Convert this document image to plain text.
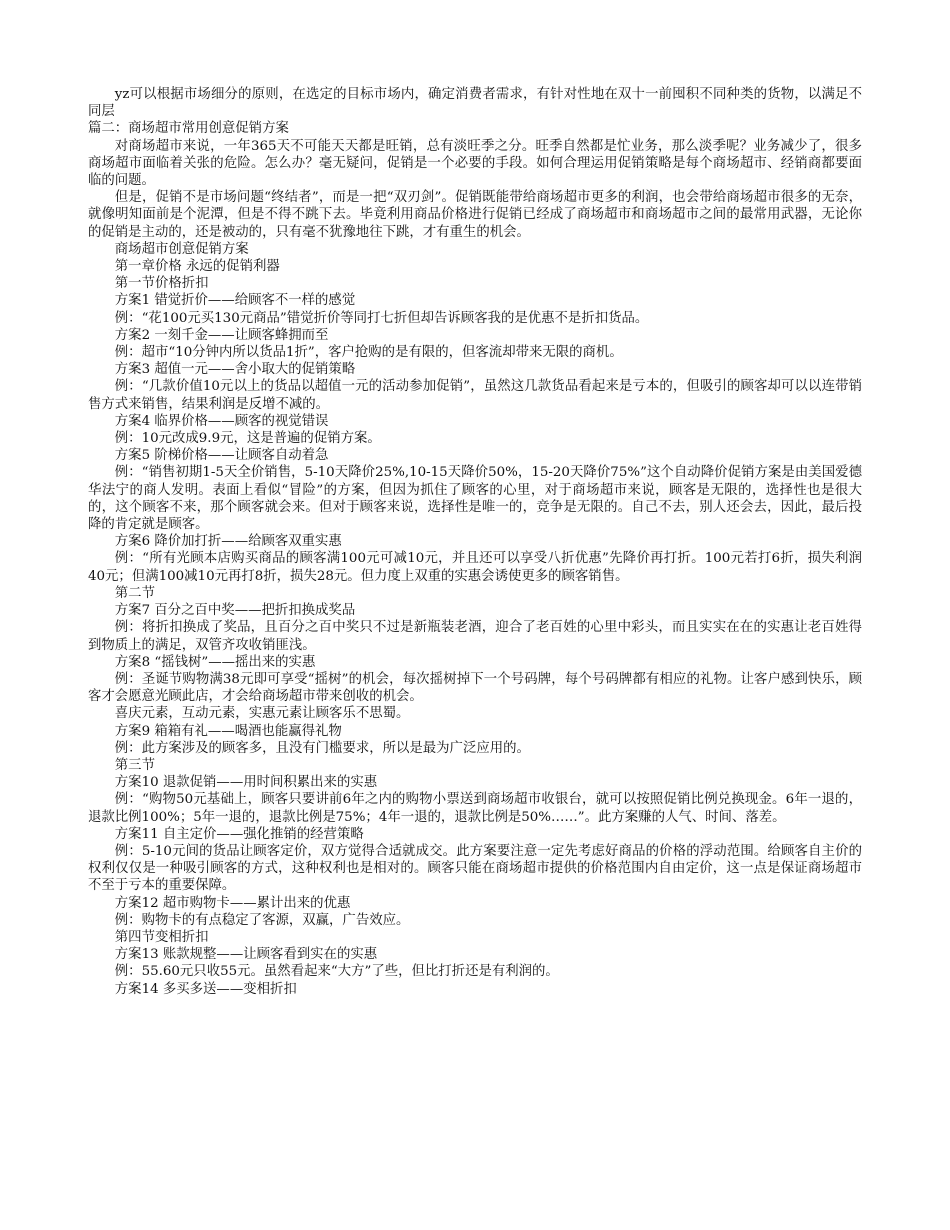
yz可以根据市场细分的原则，在选定的目标市场内，确定消费者需求，有针对性地在双十一前囤积不同种类的货物，以满足不同层

篇二：商场超市常用创意促销方案

对商场超市来说，一年365天不可能天天都是旺销，总有淡旺季之分。旺季自然都是忙业务，那么淡季呢？业务减少了，很多商场超市面临着关张的危险。怎么办？毫无疑问，促销是一个必要的手段。如何合理运用促销策略是每个商场超市、经销商都要面临的问题。

但是，促销不是市场问题“终结者”，而是一把“双刃剑”。促销既能带给商场超市更多的利润，也会带给商场超市很多的无奈，就像明知面前是个泥潭，但是不得不跳下去。毕竟利用商品价格进行促销已经成了商场超市和商场超市之间的最常用武器，无论你的促销是主动的，还是被动的，只有毫不犹豫地往下跳，才有重生的机会。

商场超市创意促销方案

第一章价格 永远的促销利器

第一节价格折扣

方案1 错觉折价——给顾客不一样的感觉

例：“花100元买130元商品”错觉折价等同打七折但却告诉顾客我的是优惠不是折扣货品。

方案2 一刻千金——让顾客蜂拥而至

例：超市“10分钟内所以货品1折”，客户抢购的是有限的，但客流却带来无限的商机。

方案3 超值一元——舍小取大的促销策略

例：“几款价值10元以上的货品以超值一元的活动参加促销”，虽然这几款货品看起来是亏本的，但吸引的顾客却可以以连带销售方式来销售，结果利润是反增不减的。

方案4 临界价格——顾客的视觉错误

例：10元改成9.9元，这是普遍的促销方案。

方案5 阶梯价格——让顾客自动着急

例：“销售初期1-5天全价销售，5-10天降价25%,10-15天降价50%，15-20天降价75%”这个自动降价促销方案是由美国爱德华法宁的商人发明。表面上看似“冒险”的方案，但因为抓住了顾客的心里，对于商场超市来说，顾客是无限的，选择性也是很大的，这个顾客不来，那个顾客就会来。但对于顾客来说，选择性是唯一的，竞争是无限的。自己不去，别人还会去，因此，最后投降的肯定就是顾客。

方案6 降价加打折——给顾客双重实惠

例：“所有光顾本店购买商品的顾客满100元可减10元，并且还可以享受八折优惠”先降价再打折。100元若打6折，损失利润40元；但满100减10元再打8折，损失28元。但力度上双重的实惠会诱使更多的顾客销售。

第二节

方案7 百分之百中奖——把折扣换成奖品

例：将折扣换成了奖品，且百分之百中奖只不过是新瓶装老酒，迎合了老百姓的心里中彩头，而且实实在在的实惠让老百姓得到物质上的满足，双管齐攻收销匪浅。

方案8 “摇钱树”——摇出来的实惠

例：圣诞节购物满38元即可享受“摇树”的机会，每次摇树掉下一个号码牌，每个号码牌都有相应的礼物。让客户感到快乐，顾客才会愿意光顾此店，才会给商场超市带来创收的机会。

喜庆元素，互动元素，实惠元素让顾客乐不思蜀。

方案9 箱箱有礼——喝酒也能赢得礼物

例：此方案涉及的顾客多，且没有门槛要求，所以是最为广泛应用的。

第三节

方案10 退款促销——用时间积累出来的实惠

例：“购物50元基础上，顾客只要讲前6年之内的购物小票送到商场超市收银台，就可以按照促销比例兑换现金。6年一退的，退款比例100%；5年一退的，退款比例是75%；4年一退的，退款比例是50%……”。此方案赚的人气、时间、落差。

方案11 自主定价——强化推销的经营策略

例：5-10元间的货品让顾客定价，双方觉得合适就成交。此方案要注意一定先考虑好商品的价格的浮动范围。给顾客自主价的权利仅仅是一种吸引顾客的方式，这种权利也是相对的。顾客只能在商场超市提供的价格范围内自由定价，这一点是保证商场超市不至于亏本的重要保障。

方案12 超市购物卡——累计出来的优惠

例：购物卡的有点稳定了客源，双赢，广告效应。

第四节变相折扣

方案13 账款规整——让顾客看到实在的实惠

例：55.60元只收55元。虽然看起来“大方”了些，但比打折还是有利润的。

方案14 多买多送——变相折扣
